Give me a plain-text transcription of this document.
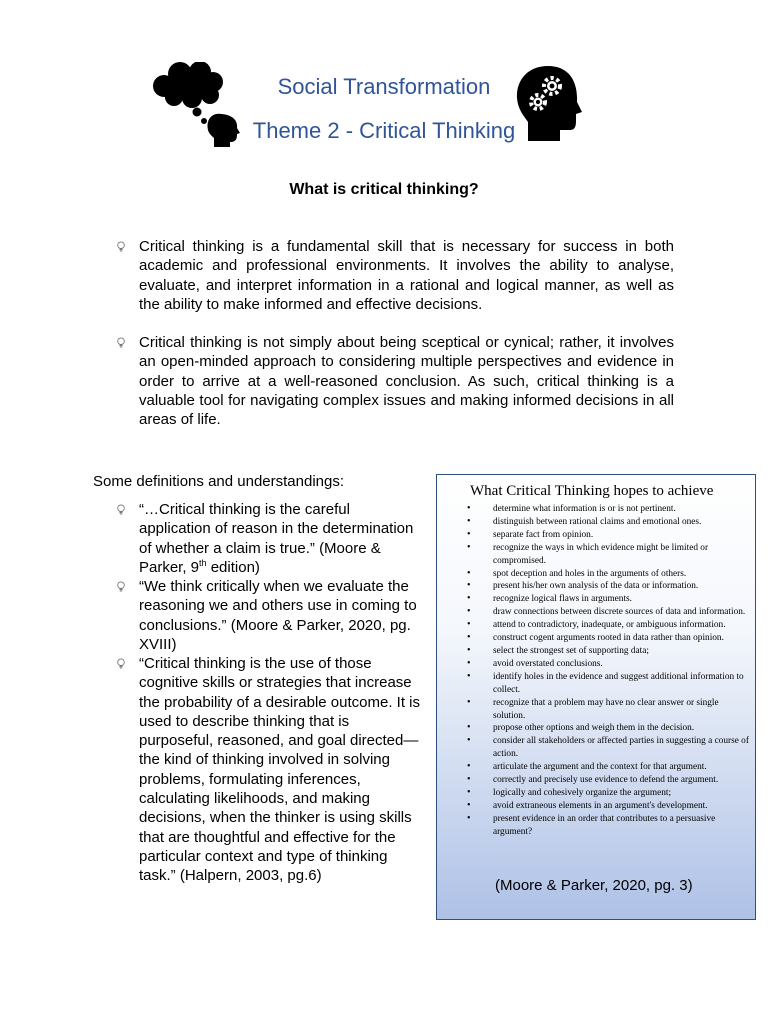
Social Transformation
Theme 2 - Critical Thinking
What is critical thinking?
Critical thinking is a fundamental skill that is necessary for success in both academic and professional environments. It involves the ability to analyse, evaluate, and interpret information in a rational and logical manner, as well as the ability to make informed and effective decisions.
Critical thinking is not simply about being sceptical or cynical; rather, it involves an open-minded approach to considering multiple perspectives and evidence in order to arrive at a well-reasoned conclusion. As such, critical thinking is a valuable tool for navigating complex issues and making informed decisions in all areas of life.
Some definitions and understandings:
“…Critical thinking is the careful application of reason in the determination of whether a claim is true.” (Moore & Parker, 9th edition)
“We think critically when we evaluate the reasoning we and others use in coming to conclusions.” (Moore & Parker, 2020, pg. XVIII)
“Critical thinking is the use of those cognitive skills or strategies that increase the probability of a desirable outcome. It is used to describe thinking that is purposeful, reasoned, and goal directed—the kind of thinking involved in solving problems, formulating inferences, calculating likelihoods, and making decisions, when the thinker is using skills that are thoughtful and effective for the particular context and type of thinking task.” (Halpern, 2003, pg.6)
What Critical Thinking hopes to achieve
• determine what information is or is not pertinent.
• distinguish between rational claims and emotional ones.
• separate fact from opinion.
• recognize the ways in which evidence might be limited or compromised.
• spot deception and holes in the arguments of others.
• present his/her own analysis of the data or information.
• recognize logical flaws in arguments.
• draw connections between discrete sources of data and information.
• attend to contradictory, inadequate, or ambiguous information.
• construct cogent arguments rooted in data rather than opinion.
• select the strongest set of supporting data;
• avoid overstated conclusions.
• identify holes in the evidence and suggest additional information to collect.
• recognize that a problem may have no clear answer or single solution.
• propose other options and weigh them in the decision.
• consider all stakeholders or affected parties in suggesting a course of action.
• articulate the argument and the context for that argument.
• correctly and precisely use evidence to defend the argument.
• logically and cohesively organize the argument;
• avoid extraneous elements in an argument's development.
• present evidence in an order that contributes to a persuasive argument?
(Moore & Parker, 2020, pg. 3)
